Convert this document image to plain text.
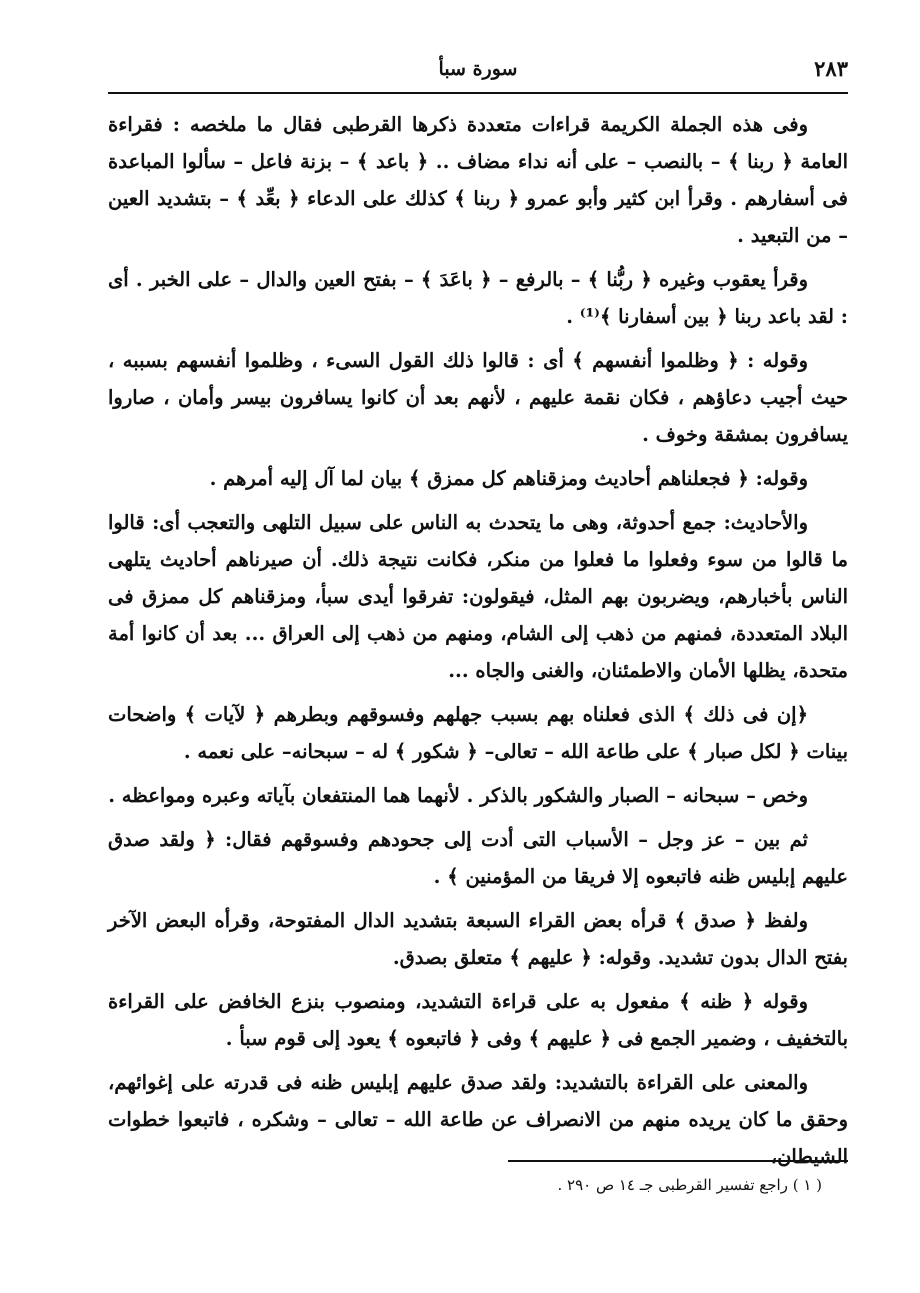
٢٨٣
سورة سبأ

وفى هذه الجملة الكريمة قراءات متعددة ذكرها القرطبى فقال ما ملخصه : فقراءة العامة ﴿ ربنا ﴾ – بالنصب – على أنه نداء مضاف .. ﴿ باعد ﴾ – بزنة فاعل – سألوا المباعدة فى أسفارهم . وقرأ ابن كثير وأبو عمرو ﴿ ربنا ﴾ كذلك على الدعاء ﴿ بعِّد ﴾ – بتشديد العين – من التبعيد .

وقرأ يعقوب وغيره ﴿ ربُّنا ﴾ – بالرفع – ﴿ باعَدَ ﴾ – بفتح العين والدال – على الخبر . أى : لقد باعد ربنا ﴿ بين أسفارنا ﴾⁽¹⁾ .

وقوله : ﴿ وظلموا أنفسهم ﴾ أى : قالوا ذلك القول السىء ، وظلموا أنفسهم بسببه ، حيث أجيب دعاؤهم ، فكان نقمة عليهم ، لأنهم بعد أن كانوا يسافرون بيسر وأمان ، صاروا يسافرون بمشقة وخوف .

وقوله: ﴿ فجعلناهم أحاديث ومزقناهم كل ممزق ﴾ بيان لما آل إليه أمرهم .

والأحاديث: جمع أحدوثة، وهى ما يتحدث به الناس على سبيل التلهى والتعجب أى: قالوا ما قالوا من سوء وفعلوا ما فعلوا من منكر، فكانت نتيجة ذلك. أن صيرناهم أحاديث يتلهى الناس بأخبارهم، ويضربون بهم المثل، فيقولون: تفرقوا أيدى سبأ، ومزقناهم كل ممزق فى البلاد المتعددة، فمنهم من ذهب إلى الشام، ومنهم من ذهب إلى العراق ... بعد أن كانوا أمة متحدة، يظلها الأمان والاطمئنان، والغنى والجاه ...

﴿إن فى ذلك ﴾ الذى فعلناه بهم بسبب جهلهم وفسوقهم وبطرهم ﴿ لآيات ﴾ واضحات بينات ﴿ لكل صبار ﴾ على طاعة الله – تعالى– ﴿ شكور ﴾ له – سبحانه– على نعمه .

وخص – سبحانه – الصبار والشكور بالذكر . لأنهما هما المنتفعان بآياته وعبره ومواعظه .

ثم بين – عز وجل – الأسباب التى أدت إلى جحودهم وفسوقهم فقال: ﴿ ولقد صدق عليهم إبليس ظنه فاتبعوه إلا فريقا من المؤمنين ﴾ .

ولفظ ﴿ صدق ﴾ قرأه بعض القراء السبعة بتشديد الدال المفتوحة، وقرأه البعض الآخر بفتح الدال بدون تشديد. وقوله: ﴿ عليهم ﴾ متعلق بصدق.

وقوله ﴿ ظنه ﴾ مفعول به على قراءة التشديد، ومنصوب بنزع الخافض على القراءة بالتخفيف ، وضمير الجمع فى ﴿ عليهم ﴾ وفى ﴿ فاتبعوه ﴾ يعود إلى قوم سبأ .

والمعنى على القراءة بالتشديد: ولقد صدق عليهم إبليس ظنه فى قدرته على إغوائهم، وحقق ما كان يريده منهم من الانصراف عن طاعة الله – تعالى – وشكره ، فاتبعوا خطوات الشيطان،

( ١ ) راجع تفسير القرطبى جـ ١٤ ص ٢٩٠ .
